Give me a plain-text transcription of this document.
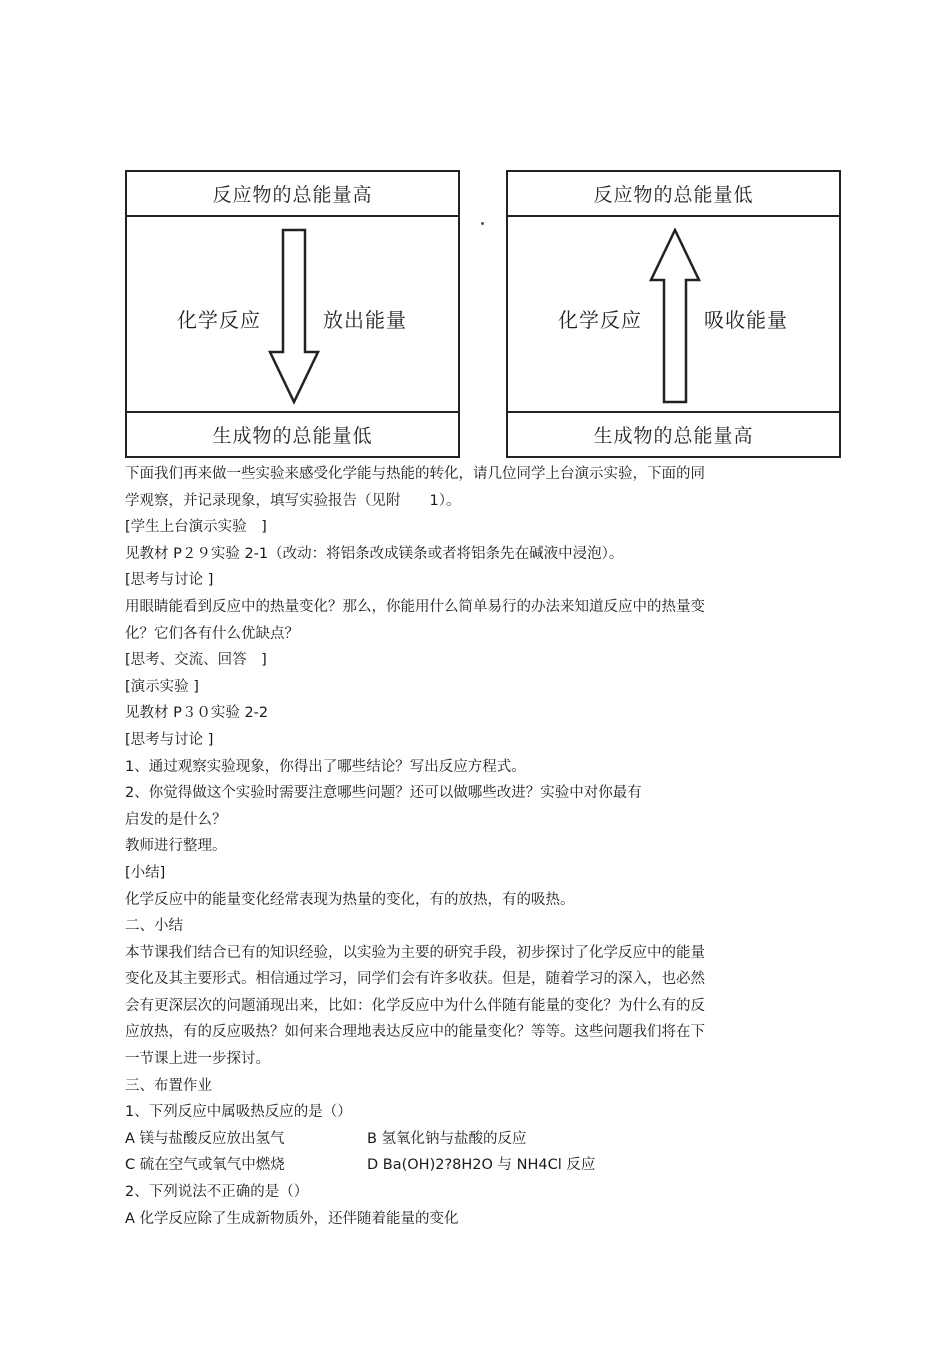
反应物的总能量高
化学反应	放出能量
生成物的总能量低
反应物的总能量低
化学反应	吸收能量
生成物的总能量高
下面我们再来做一些实验来感受化学能与热能的转化，请几位同学上台演示实验，下面的同
学观察，并记录现象，填写实验报告（见附　　1）。
[学生上台演示实验　]
见教材 P２９实验 2-1（改动：将铝条改成镁条或者将铝条先在碱液中浸泡）。
[思考与讨论 ]
用眼睛能看到反应中的热量变化？那么，你能用什么简单易行的办法来知道反应中的热量变
化？它们各有什么优缺点？
[思考、交流、回答　]
[演示实验 ]
见教材 P３０实验 2-2
[思考与讨论 ]
1、通过观察实验现象，你得出了哪些结论？写出反应方程式。
2、你觉得做这个实验时需要注意哪些问题？还可以做哪些改进？实验中对你最有
启发的是什么？
教师进行整理。
[小结]
化学反应中的能量变化经常表现为热量的变化，有的放热，有的吸热。
二、小结
本节课我们结合已有的知识经验，以实验为主要的研究手段，初步探讨了化学反应中的能量
变化及其主要形式。相信通过学习，同学们会有许多收获。但是，随着学习的深入，也必然
会有更深层次的问题涌现出来，比如：化学反应中为什么伴随有能量的变化？为什么有的反
应放热，有的反应吸热？如何来合理地表达反应中的能量变化？等等。这些问题我们将在下
一节课上进一步探讨。
三、布置作业
1、下列反应中属吸热反应的是（）
A 镁与盐酸反应放出氢气	B 氢氧化钠与盐酸的反应
C 硫在空气或氧气中燃烧	D Ba(OH)2?8H2O 与 NH4Cl 反应
2、下列说法不正确的是（）
A 化学反应除了生成新物质外，还伴随着能量的变化
